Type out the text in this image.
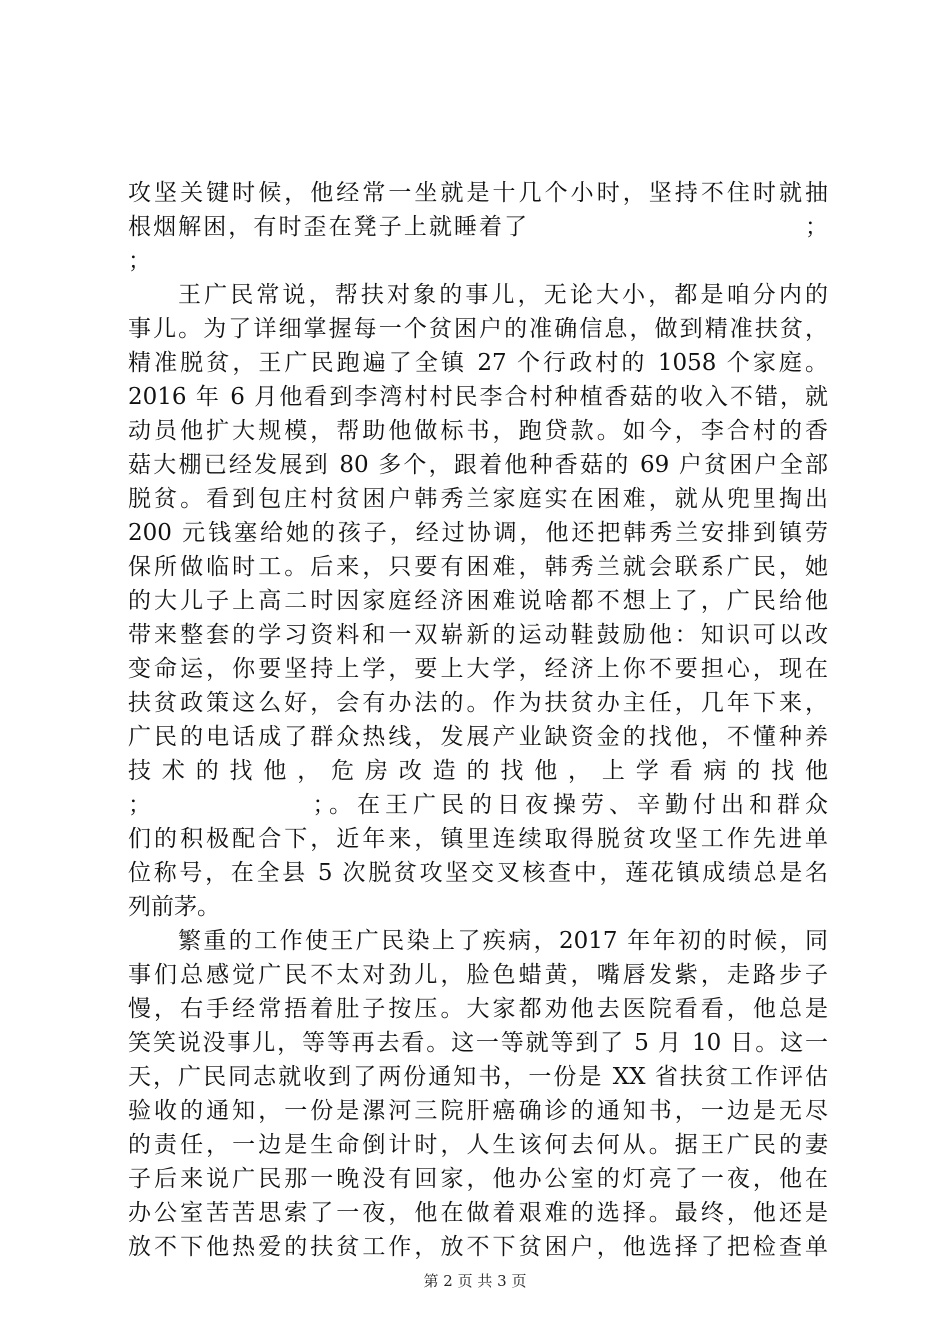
攻坚关键时候，他经常一坐就是十几个小时，坚持不住时就抽
根烟解困，有时歪在凳子上就睡着了　　　　　　　　　　　；
；
王广民常说，帮扶对象的事儿，无论大小，都是咱分内的
事儿。为了详细掌握每一个贫困户的准确信息，做到精准扶贫，
精准脱贫，王广民跑遍了全镇 27 个行政村的 1058 个家庭。
2016 年 6 月他看到李湾村村民李合村种植香菇的收入不错，就
动员他扩大规模，帮助他做标书，跑贷款。如今，李合村的香
菇大棚已经发展到 80 多个，跟着他种香菇的 69 户贫困户全部
脱贫。看到包庄村贫困户韩秀兰家庭实在困难，就从兜里掏出
200 元钱塞给她的孩子，经过协调，他还把韩秀兰安排到镇劳
保所做临时工。后来，只要有困难，韩秀兰就会联系广民，她
的大儿子上高二时因家庭经济困难说啥都不想上了，广民给他
带来整套的学习资料和一双崭新的运动鞋鼓励他：知识可以改
变命运，你要坚持上学，要上大学，经济上你不要担心，现在
扶贫政策这么好，会有办法的。作为扶贫办主任，几年下来，
广民的电话成了群众热线，发展产业缺资金的找他，不懂种养
技术的找他，危房改造的找他，上学看病的找他
；　　　　　　；。在王广民的日夜操劳、辛勤付出和群众
们的积极配合下，近年来，镇里连续取得脱贫攻坚工作先进单
位称号，在全县 5 次脱贫攻坚交叉核查中，莲花镇成绩总是名
列前茅。
繁重的工作使王广民染上了疾病，2017 年年初的时候，同
事们总感觉广民不太对劲儿，脸色蜡黄，嘴唇发紫，走路步子
慢，右手经常捂着肚子按压。大家都劝他去医院看看，他总是
笑笑说没事儿，等等再去看。这一等就等到了 5 月 10 日。这一
天，广民同志就收到了两份通知书，一份是 XX 省扶贫工作评估
验收的通知，一份是漯河三院肝癌确诊的通知书，一边是无尽
的责任，一边是生命倒计时，人生该何去何从。据王广民的妻
子后来说广民那一晚没有回家，他办公室的灯亮了一夜，他在
办公室苦苦思索了一夜，他在做着艰难的选择。最终，他还是
放不下他热爱的扶贫工作，放不下贫困户，他选择了把检查单
第 2 页 共 3 页
